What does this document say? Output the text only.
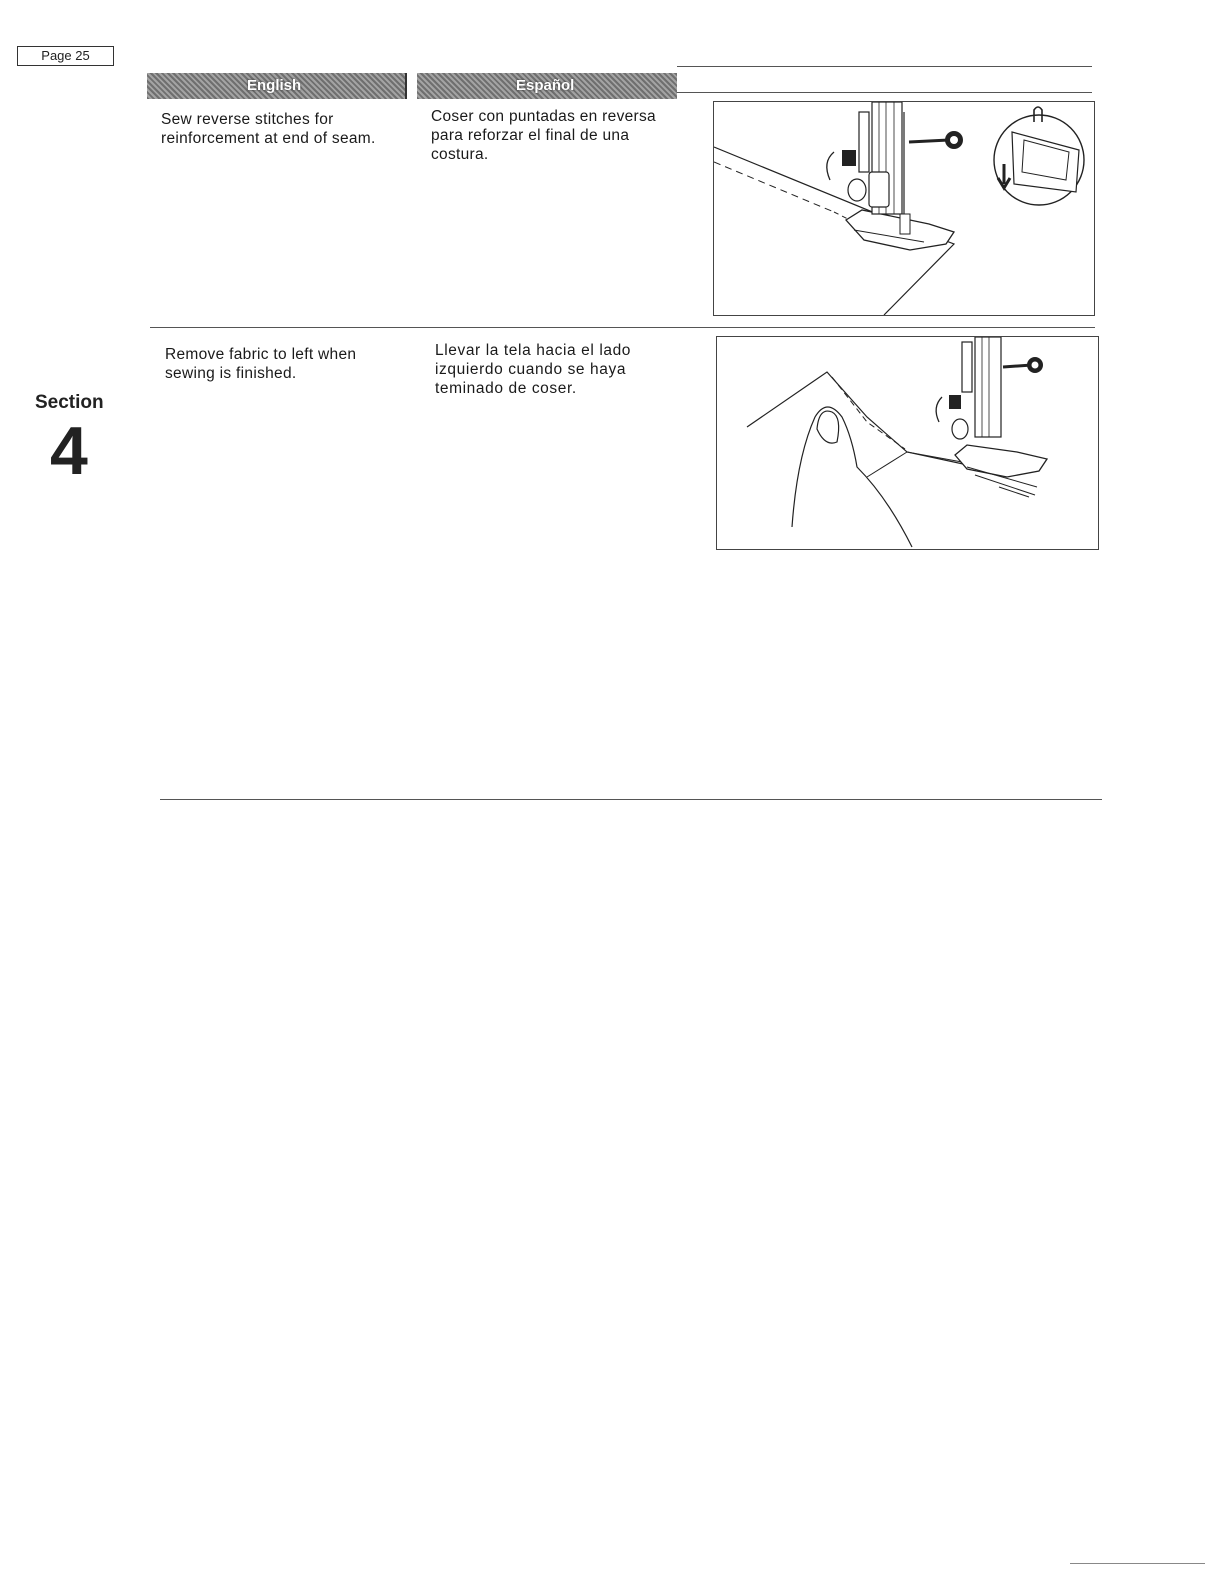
Page 25
English	Español
Sew reverse stitches for reinforcement at end of seam.
Coser con puntadas en reversa para reforzar el final de una costura.
Remove fabric to left when sewing is finished.
Llevar la tela hacia el lado izquierdo cuando se haya teminado de coser.
Section
4
